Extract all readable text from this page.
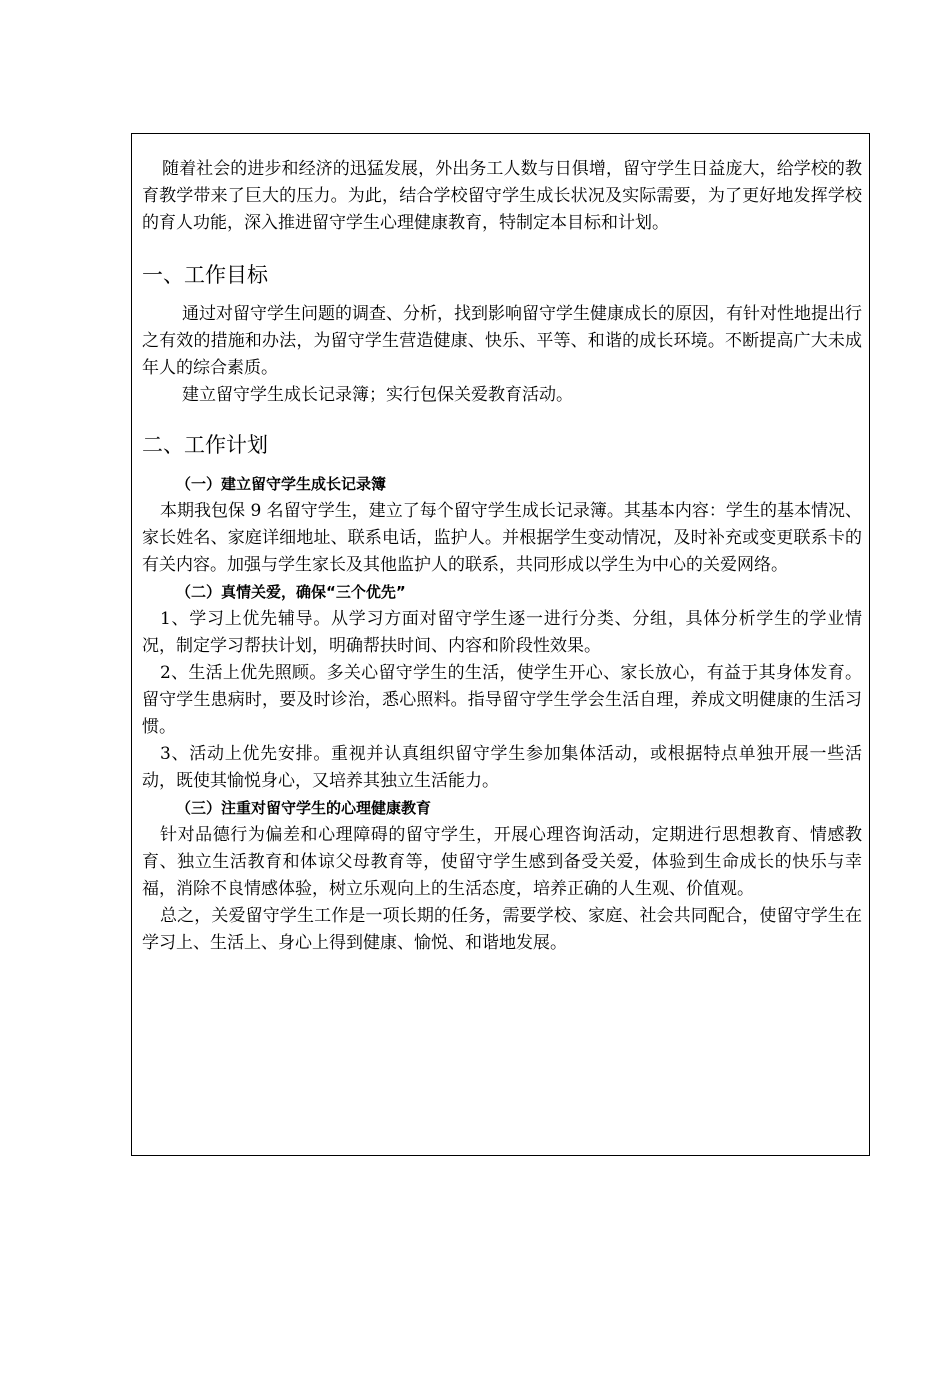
随着社会的进步和经济的迅猛发展，外出务工人数与日俱增，留守学生日益庞大，给学校的教育教学带来了巨大的压力。为此，结合学校留守学生成长状况及实际需要，为了更好地发挥学校的育人功能，深入推进留守学生心理健康教育，特制定本目标和计划。

一、工作目标

通过对留守学生问题的调查、分析，找到影响留守学生健康成长的原因，有针对性地提出行之有效的措施和办法，为留守学生营造健康、快乐、平等、和谐的成长环境。不断提高广大未成年人的综合素质。

建立留守学生成长记录簿；实行包保关爱教育活动。

二、工作计划
（一）建立留守学生成长记录簿

本期我包保 9 名留守学生，建立了每个留守学生成长记录簿。其基本内容：学生的基本情况、家长姓名、家庭详细地址、联系电话，监护人。并根据学生变动情况，及时补充或变更联系卡的有关内容。加强与学生家长及其他监护人的联系，共同形成以学生为中心的关爱网络。

（二）真情关爱，确保“三个优先”

1、学习上优先辅导。从学习方面对留守学生逐一进行分类、分组，具体分析学生的学业情况，制定学习帮扶计划，明确帮扶时间、内容和阶段性效果。

2、生活上优先照顾。多关心留守学生的生活，使学生开心、家长放心，有益于其身体发育。留守学生患病时，要及时诊治，悉心照料。指导留守学生学会生活自理，养成文明健康的生活习惯。

3、活动上优先安排。重视并认真组织留守学生参加集体活动，或根据特点单独开展一些活动，既使其愉悦身心，又培养其独立生活能力。

（三）注重对留守学生的心理健康教育

针对品德行为偏差和心理障碍的留守学生，开展心理咨询活动，定期进行思想教育、情感教育、独立生活教育和体谅父母教育等，使留守学生感到备受关爱，体验到生命成长的快乐与幸福，消除不良情感体验，树立乐观向上的生活态度，培养正确的人生观、价值观。

总之，关爱留守学生工作是一项长期的任务，需要学校、家庭、社会共同配合，使留守学生在学习上、生活上、身心上得到健康、愉悦、和谐地发展。
